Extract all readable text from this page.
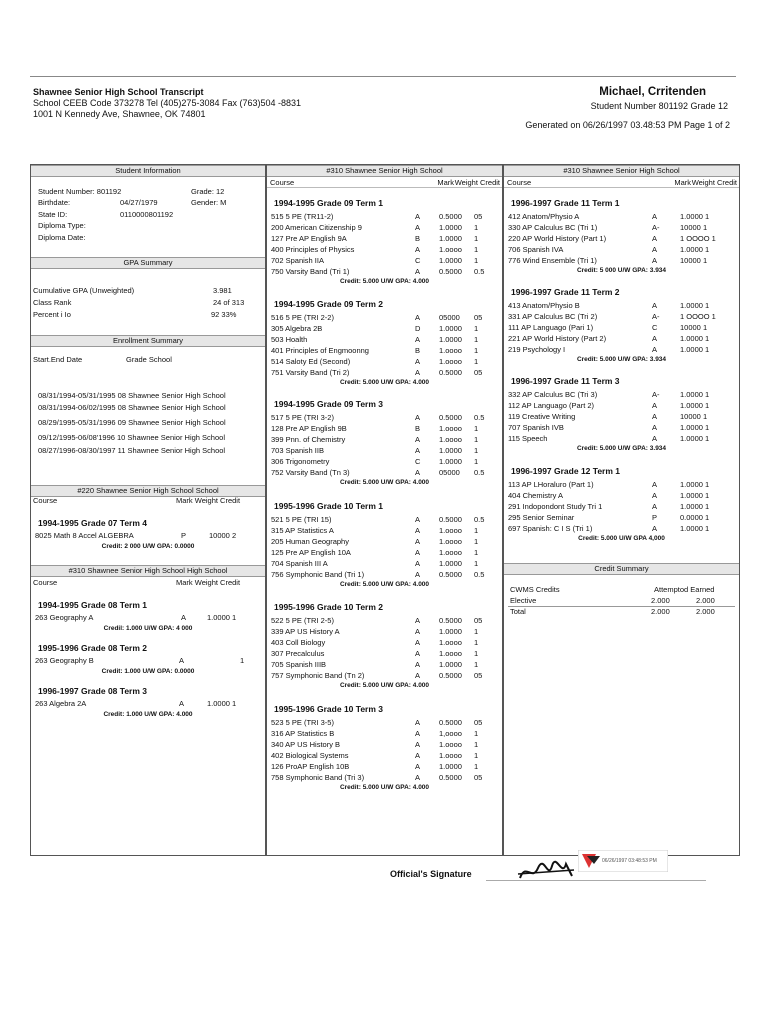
Shawnee Senior High School Transcript
School CEEB Code 373278 Tel (405)275-3084 Fax (763)504 -8831
1001 N Kennedy Ave, Shawnee, OK 74801
Michael, Crritenden
Student Number 801192 Grade 12
Generated on 06/26/1997 03.48:53 PM Page 1 of 2
Student Information
Student Number: 801192	Grade: 12
Birthdate:	04/27/1979	Gender: M
State ID:	0110000801192
Diploma Type:
Diploma Date:
GPA Summary
Cumulative GPA (Unweighted)	3.981
Class Rank	24 of 313
Percent i Io	92 33%
Enrollment Summary
Start.End Date	Grade School
08/31/1994-05/31/1995 08 Shawnee Senior High School
08/31/1994-06/02/1995 08 Shawnee Senior High School
08/29/1995-05/31/1996 09 Shawnee Senior High School
09/12/1995-06/08'1996 10 Shawnee Senior High School
08/27/1996-08/30/1997 11 Shawnee Senior High School
#220 Shawnee Senior High School School
Course	Mark Weight Credit
1994-1995 Grade 07 Term 4
8025 Math 8 Accel ALGEBRA	P	10000 2
Credit: 2 000 U/W GPA: 0.0000
#310 Shawnee Senior High School High School
Course	Mark Weight Credit
1994-1995 Grade 08 Term 1
263 Geography A	A	1.0000 1
Credil: 1.000 U/W GPA: 4 000
1995-1996 Grade 08 Term 2
263 Geography B	A	1
Credit: 1.000 U/W GPA: 0.0000
1996-1997 Grade 08 Term 3
263 Algebra 2A	A	1.0000 1
Credit: 1.000 U/W GPA: 4.000
#310 Shawnee Senior High School
Course	Mark Weight Credit
1994-1995 Grade 09 Term 1
515 5 PE (TR11-2)	A	0.5000 05
200 American Citizenship 9	A	1.0000 1
127 Pre AP English 9A	B	1.0000 1
400 Principles of Physics	A	1.oooo 1
702 Spanish IIA	C 1.0000 1
750 Varsity Band (Tri 1)	A	0.5000 0.5
Credit: 5.000 U/W GPA: 4.000
1994-1995 Grade 09 Term 2
516 5 PE (TRI 2-2)	A	05000 05
305 Algebra 2B	D 1.0000 1
503 Hoalth	A	1.0000 1
401 Principles of Engmoonng	B	1.oooo 1
514 Saloty Ed (Second)	A	1.oooo 1
751 Varsity Band (Tri 2)	A	0.5000 05
Credit: 5.000 U/W GPA: 4.000
1994-1995 Grade 09 Term 3
517 5 PE (TRI 3-2)	A	0.5000 0.5
128 Pre AP English 9B	B	1.oooo 1
399 Pnn. of Chemistry	A	1.oooo 1
703 Spanish IIB	A	1.0000 1
306 Trigonometry	C 1.0000 1
752 Varsity Band (Tn 3)	A	05000 0.5
Credit: 5.000 U/W GPA: 4.000
1995-1996 Grade 10 Term 1
521 5 PE (TRI 15)	A	0.5000 0.5
315 AP Statistics A	A	1.oooo 1
205 Human Geography	A	1.oooo 1
125 Pre AP English 10A	A	1.oooo 1
704 Spanish III A	A	1.0000 1
756 Symphonic Band (Tri 1)	A	0.5000 0.5
Credit: 5.000 U/W GPA: 4.000
1995-1996 Grade 10 Term 2
522 5 PE (TRI 2-5)	A	0.5000 05
339 AP US History A	A	1.0000 1
403 Coll Biology	A	1.oooo 1
307 Precalculus	A	1.oooo 1
705 Spanish IIIB	A	1.0000 1
757 Symphonic Band (Tn 2)	A	0.5000 05
Credit: 5.000 U/W GPA: 4.000
1995-1996 Grade 10 Term 3
523 5 PE (TRI 3-5)	A	0.5000 05
316 AP Statistics B	A	1,oooo 1
340 AP US History B	A	1.oooo 1
402 Biological Systems	A	1.oooo 1
126 ProAP English 10B	A	1.0000 1
758 Symphonic Band (Tri 3)	A	0.5000 05
Credit: 5.000 U/W GPA: 4.000
#310 Shawnee Senior High School
Course	Mark Weight Credit
Credit Summary
CWMS Credits	Attemptod Earned
Elective	2.000	2.000
Total	2.000	2.000
1996-1997 Grade 11 Term 1
412 Anatom/Physio A	A	1.0000 1
330 AP Calculus BC (Tri 1)	A-	10000 1
220 AP World History (Part 1)	A	1 OOOO 1
706 Spanish IVA	A	1.0000 1
776 Wind Ensemble (Tri 1)	A	10000 1
Credit: 5 000 U/W GPA: 3.934
1996-1997 Grade 11 Term 2
413 Anatom/Physio B	A	1.0000 1
331 AP Calculus BC (Tri 2)	A-	1 OOOO 1
111 AP Languago (Pari 1)	C	10000 1
221 AP World History (Part 2)	A	1.0000 1
219 Psychology I	A	1.0000 1
Credit: 5.000 U/W GPA: 3.934
1996-1997 Grade 11 Term 3
332 AP Calculus BC (Tri 3)	A-	1.0000 1
112 AP Languago (Part 2)	A	1.0000 1
119 Creative Writing	A	10000 1
707 Spanish IVB	A	1.0000 1
115 Speech	A	1.0000 1
Credit: 5.000 U/W GPA: 3.934
1996-1997 Grade 12 Term 1
113 AP LHoraluro (Part 1)	A	1.0000 1
404 Chemistry A	A	1.0000 1
291 Indopondont Study Tri 1	A	1.0000 1
295 Senior Seminar	P	0.0000 1
697 Spanish: C I S (Tri 1)	A	1.0000 1
Credit: 5.000 U/W GPA 4,000
Official's Signature
06/26/1997 03:48:53 PM
